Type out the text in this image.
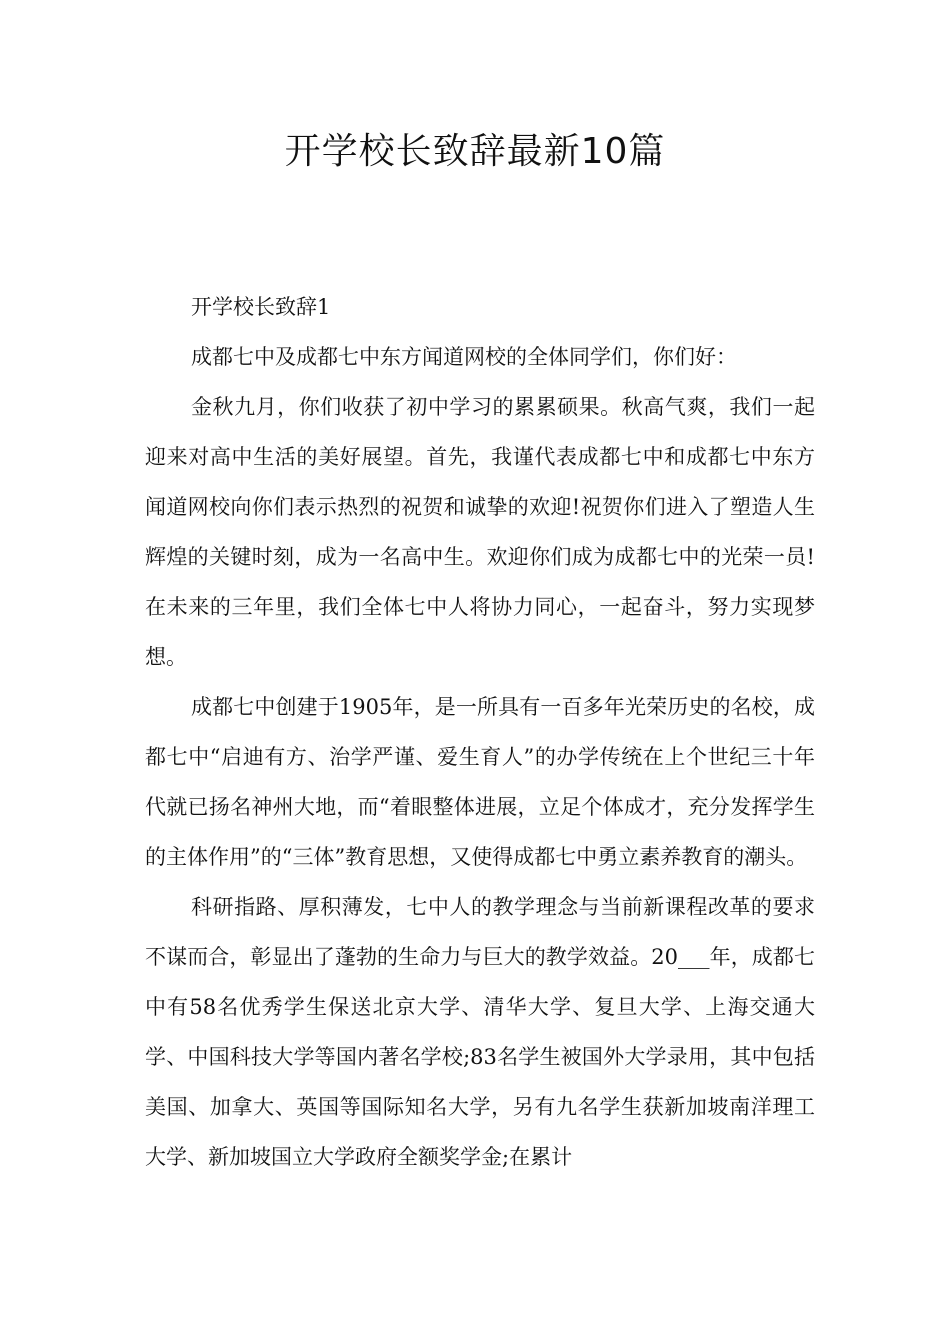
开学校长致辞最新10篇

开学校长致辞1

成都七中及成都七中东方闻道网校的全体同学们，你们好：

金秋九月，你们收获了初中学习的累累硕果。秋高气爽，我们一起迎来对高中生活的美好展望。首先，我谨代表成都七中和成都七中东方闻道网校向你们表示热烈的祝贺和诚挚的欢迎!祝贺你们进入了塑造人生辉煌的关键时刻，成为一名高中生。欢迎你们成为成都七中的光荣一员!在未来的三年里，我们全体七中人将协力同心，一起奋斗，努力实现梦想。

成都七中创建于1905年，是一所具有一百多年光荣历史的名校，成都七中“启迪有方、治学严谨、爱生育人”的办学传统在上个世纪三十年代就已扬名神州大地，而“着眼整体进展，立足个体成才，充分发挥学生的主体作用”的“三体”教育思想，又使得成都七中勇立素养教育的潮头。

科研指路、厚积薄发，七中人的教学理念与当前新课程改革的要求不谋而合，彰显出了蓬勃的生命力与巨大的教学效益。20___年，成都七中有58名优秀学生保送北京大学、清华大学、复旦大学、上海交通大学、中国科技大学等国内著名学校;83名学生被国外大学录用，其中包括美国、加拿大、英国等国际知名大学，另有九名学生获新加坡南洋理工大学、新加坡国立大学政府全额奖学金;在累计
